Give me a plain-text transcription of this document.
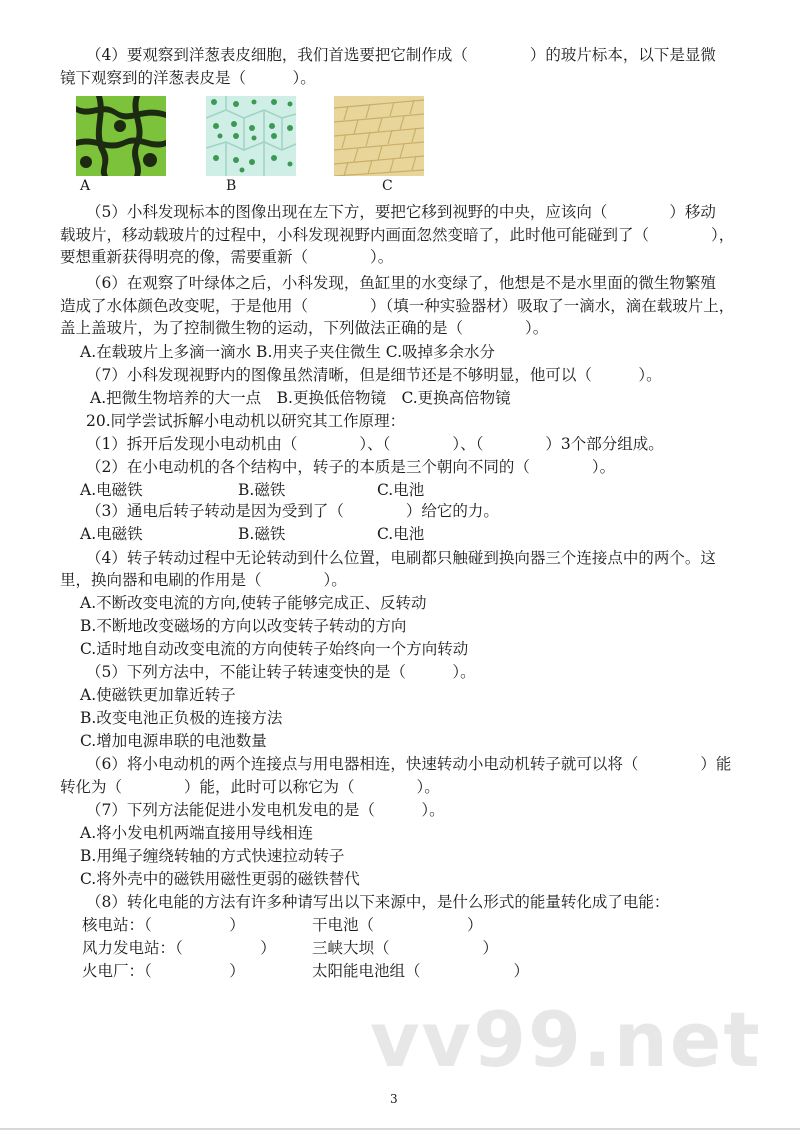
（4）要观察到洋葱表皮细胞，我们首选要把它制作成（　　　　）的玻片标本，以下是显微
镜下观察到的洋葱表皮是（　　　）。
A	B	C
（5）小科发现标本的图像出现在左下方，要把它移到视野的中央，应该向（　　　　）移动
载玻片，移动载玻片的过程中，小科发现视野内画面忽然变暗了，此时他可能碰到了（　　　　），
要想重新获得明亮的像，需要重新（　　　　）。
（6）在观察了叶绿体之后，小科发现，鱼缸里的水变绿了，他想是不是水里面的微生物繁殖
造成了水体颜色改变呢，于是他用（　　　　）（填一种实验器材）吸取了一滴水，滴在载玻片上，
盖上盖玻片，为了控制微生物的运动，下列做法正确的是（　　　　）。
A.在载玻片上多滴一滴水 B.用夹子夹住微生 C.吸掉多余水分
（7）小科发现视野内的图像虽然清晰，但是细节还是不够明显，他可以（　　　）。
A.把微生物培养的大一点　B.更换低倍物镜　C.更换高倍物镜
20.同学尝试拆解小电动机以研究其工作原理：
（1）拆开后发现小电动机由（　　　　）、（　　　　）、（　　　　）3个部分组成。
（2）在小电动机的各个结构中，转子的本质是三个朝向不同的（　　　　）。
A.电磁铁	B.磁铁	C.电池
（3）通电后转子转动是因为受到了（　　　　）给它的力。
A.电磁铁	B.磁铁	C.电池
（4）转子转动过程中无论转动到什么位置，电刷都只触碰到换向器三个连接点中的两个。这
里，换向器和电刷的作用是（　　　　）。
A.不断改变电流的方向,使转子能够完成正、反转动
B.不断地改变磁场的方向以改变转子转动的方向
C.适时地自动改变电流的方向使转子始终向一个方向转动
（5）下列方法中，不能让转子转速变快的是（　　　）。
A.使磁铁更加靠近转子
B.改变电池正负极的连接方法
C.增加电源串联的电池数量
（6）将小电动机的两个连接点与用电器相连，快速转动小电动机转子就可以将（　　　　）能
转化为（　　　　）能，此时可以称它为（　　　　）。
（7）下列方法能促进小发电机发电的是（　　　）。
A.将小发电机两端直接用导线相连
B.用绳子缠绕转轴的方式快速拉动转子
C.将外壳中的磁铁用磁性更弱的磁铁替代
（8）转化电能的方法有许多种请写出以下来源中，是什么形式的能量转化成了电能：
核电站：（　　　　　）	干电池（　　　　　　）
风力发电站：（　　　　　） 三峡大坝（　　　　　　）
火电厂：（　　　　　）	太阳能电池组（　　　　　　）
vv99.net
3
